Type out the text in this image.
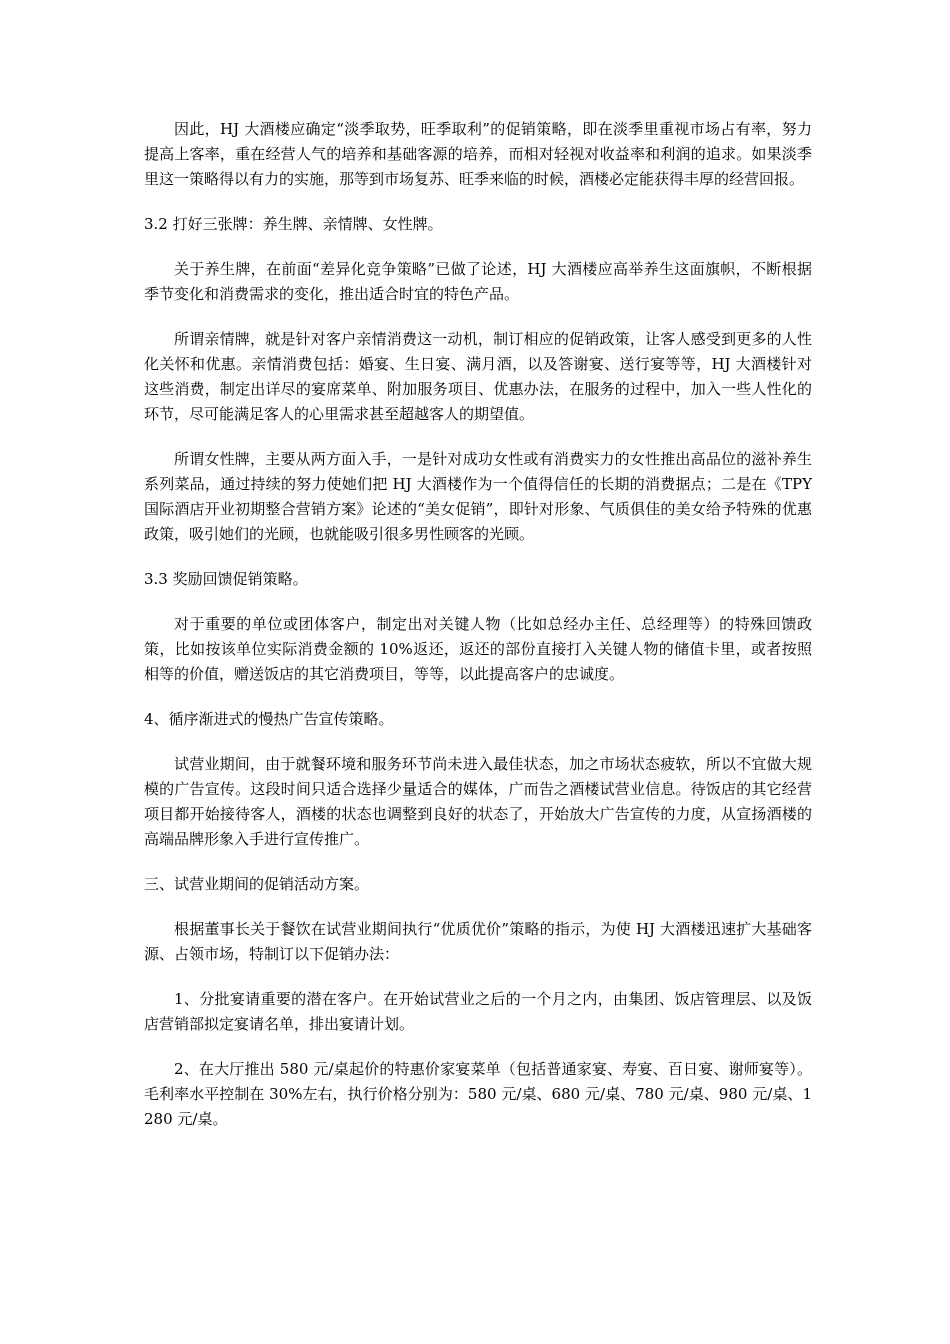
因此，HJ 大酒楼应确定“淡季取势，旺季取利”的促销策略，即在淡季里重视市场占有率，努力提高上客率，重在经营人气的培养和基础客源的培养，而相对轻视对收益率和利润的追求。如果淡季里这一策略得以有力的实施，那等到市场复苏、旺季来临的时候，酒楼必定能获得丰厚的经营回报。

3.2 打好三张牌：养生牌、亲情牌、女性牌。

关于养生牌，在前面“差异化竞争策略”已做了论述，HJ 大酒楼应高举养生这面旗帜，不断根据季节变化和消费需求的变化，推出适合时宜的特色产品。

所谓亲情牌，就是针对客户亲情消费这一动机，制订相应的促销政策，让客人感受到更多的人性化关怀和优惠。亲情消费包括：婚宴、生日宴、满月酒，以及答谢宴、送行宴等等，HJ 大酒楼针对这些消费，制定出详尽的宴席菜单、附加服务项目、优惠办法，在服务的过程中，加入一些人性化的环节，尽可能满足客人的心里需求甚至超越客人的期望值。

所谓女性牌，主要从两方面入手，一是针对成功女性或有消费实力的女性推出高品位的滋补养生系列菜品，通过持续的努力使她们把 HJ 大酒楼作为一个值得信任的长期的消费据点；二是在《TPY 国际酒店开业初期整合营销方案》论述的“美女促销”，即针对形象、气质俱佳的美女给予特殊的优惠政策，吸引她们的光顾，也就能吸引很多男性顾客的光顾。

3.3 奖励回馈促销策略。

对于重要的单位或团体客户，制定出对关键人物（比如总经办主任、总经理等）的特殊回馈政策，比如按该单位实际消费金额的 10%返还，返还的部份直接打入关键人物的储值卡里，或者按照相等的价值，赠送饭店的其它消费项目，等等，以此提高客户的忠诚度。

4、循序渐进式的慢热广告宣传策略。

试营业期间，由于就餐环境和服务环节尚未进入最佳状态，加之市场状态疲软，所以不宜做大规模的广告宣传。这段时间只适合选择少量适合的媒体，广而告之酒楼试营业信息。待饭店的其它经营项目都开始接待客人，酒楼的状态也调整到良好的状态了，开始放大广告宣传的力度，从宣扬酒楼的高端品牌形象入手进行宣传推广。

三、试营业期间的促销活动方案。

根据董事长关于餐饮在试营业期间执行“优质优价”策略的指示，为使 HJ 大酒楼迅速扩大基础客源、占领市场，特制订以下促销办法：

1、分批宴请重要的潜在客户。在开始试营业之后的一个月之内，由集团、饭店管理层、以及饭店营销部拟定宴请名单，排出宴请计划。

2、在大厅推出 580 元/桌起价的特惠价家宴菜单（包括普通家宴、寿宴、百日宴、谢师宴等）。毛利率水平控制在 30%左右，执行价格分别为：580 元/桌、680 元/桌、780 元/桌、980 元/桌、1280 元/桌。
